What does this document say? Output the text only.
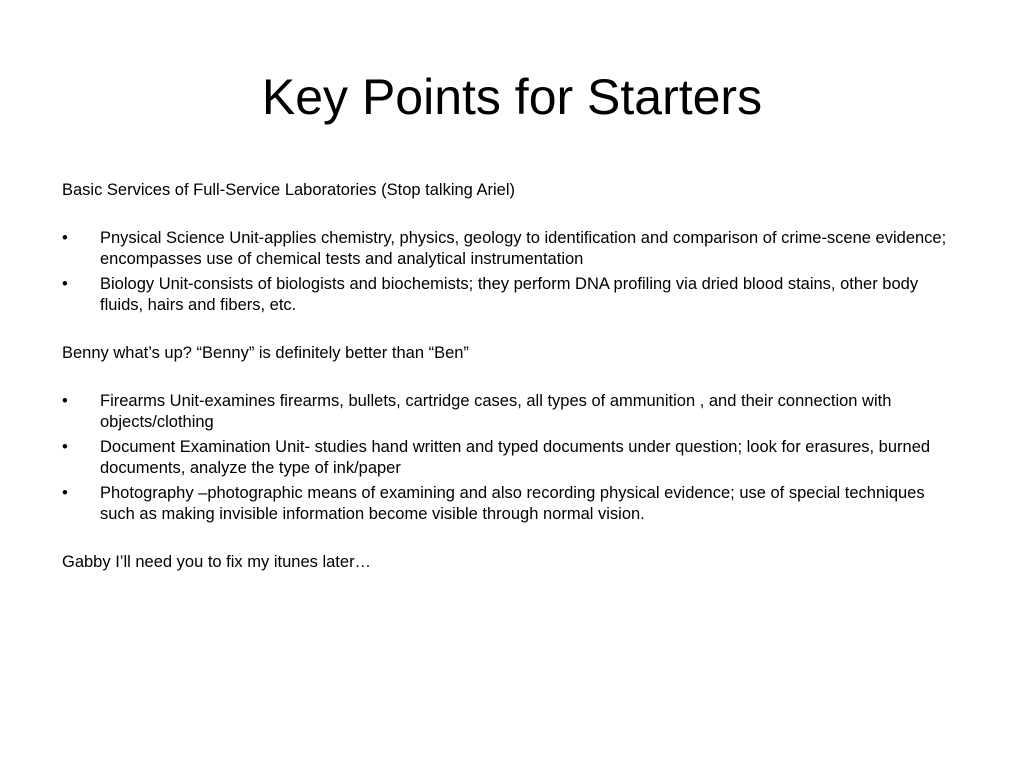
Key Points for Starters

Basic Services of Full-Service Laboratories (Stop talking Ariel)

•	Pnysical Science Unit-applies chemistry, physics, geology to identification and comparison of crime-scene evidence; encompasses use of chemical tests and analytical instrumentation
•	Biology Unit-consists of biologists and biochemists; they perform DNA profiling via dried blood stains, other body fluids, hairs and fibers, etc.

Benny what’s up? “Benny” is definitely better than “Ben”

•	Firearms Unit-examines firearms, bullets, cartridge cases, all types of ammunition , and their connection with objects/clothing
•	Document Examination Unit- studies hand written and typed documents under question; look for erasures, burned documents, analyze the type of ink/paper
•	Photography –photographic means of examining and also recording physical evidence; use of special techniques such as making invisible information become visible through normal vision.

Gabby I’ll need you to fix my itunes later…
